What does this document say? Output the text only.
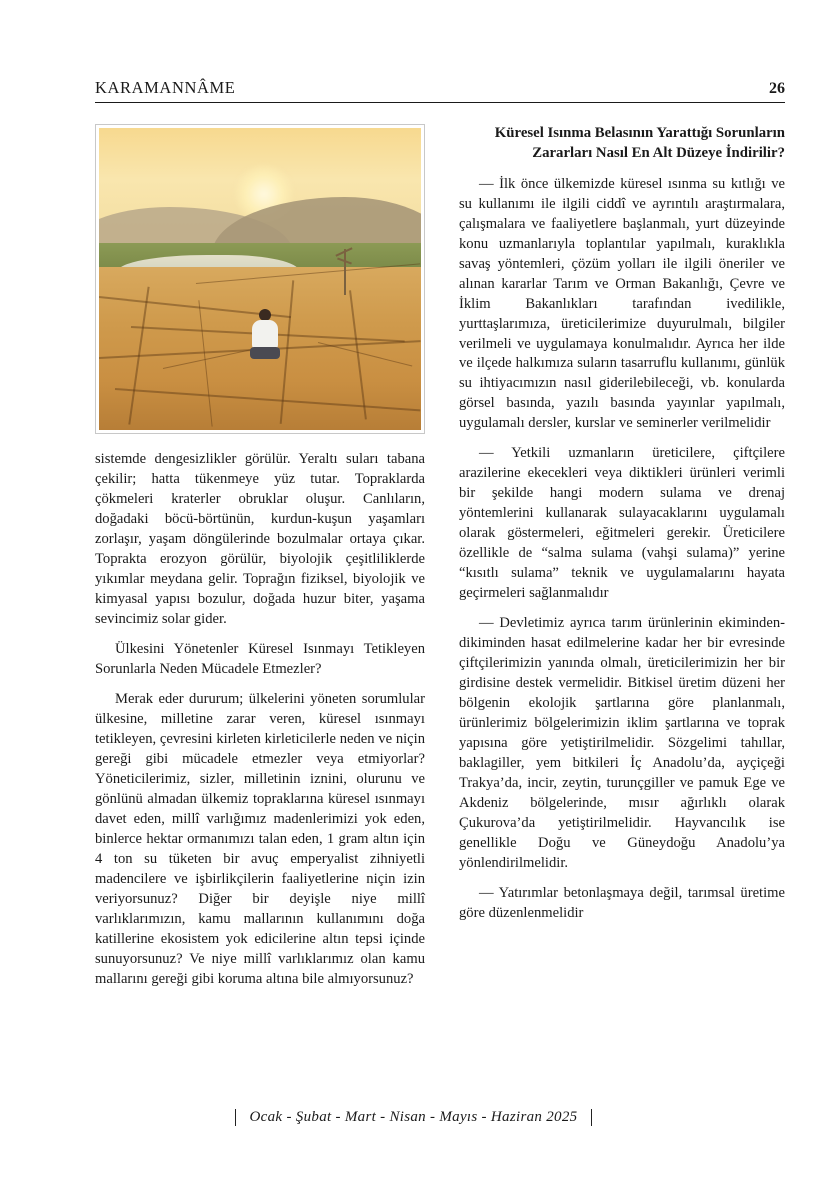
KARAMANNÂME	26

sistemde dengesizlikler görülür. Yeraltı suları tabana çekilir; hatta tükenmeye yüz tutar. Topraklarda çökmeleri kraterler obruklar oluşur. Canlıların, doğadaki böcü-börtünün, kurdun-kuşun yaşamları zorlaşır, yaşam döngülerinde bozulmalar ortaya çıkar. Toprakta erozyon görülür, biyolojik çeşitliliklerde yıkımlar meydana gelir. Toprağın fiziksel, biyolojik ve kimyasal yapısı bozulur, doğada huzur biter, yaşama sevincimiz solar gider.

Ülkesini Yönetenler Küresel Isınmayı Tetikleyen Sorunlarla Neden Mücadele Etmezler?

Merak eder dururum; ülkelerini yöneten sorumlular ülkesine, milletine zarar veren, küresel ısınmayı tetikleyen, çevresini kirleten kirleticilerle neden ve niçin gereği gibi mücadele etmezler veya etmiyorlar? Yöneticilerimiz, sizler, milletinin iznini, olurunu ve gönlünü almadan ülkemiz topraklarına küresel ısınmayı davet eden, millî varlığımız madenlerimizi yok eden, binlerce hektar ormanımızı talan eden, 1 gram altın için 4 ton su tüketen bir avuç emperyalist zihniyetli madencilere ve işbirlikçilerin faaliyetlerine niçin izin veriyorsunuz? Diğer bir deyişle niye millî varlıklarımızın, kamu mallarının kullanımını doğa katillerine ekosistem yok edicilerine altın tepsi içinde sunuyorsunuz? Ve niye millî varlıklarımız olan kamu mallarını gereği gibi koruma altına bile almıyorsunuz?

Küresel Isınma Belasının Yarattığı Sorunların Zararları Nasıl En Alt Düzeye İndirilir?

— İlk önce ülkemizde küresel ısınma su kıtlığı ve su kullanımı ile ilgili ciddî ve ayrıntılı araştırmalara, çalışmalara ve faaliyetlere başlanmalı, yurt düzeyinde konu uzmanlarıyla toplantılar yapılmalı, kuraklıkla savaş yöntemleri, çözüm yolları ile ilgili öneriler ve alınan kararlar Tarım ve Orman Bakanlığı, Çevre ve İklim Bakanlıkları tarafından ivedilikle, yurttaşlarımıza, üreticilerimize duyurulmalı, bilgiler verilmeli ve uygulamaya konulmalıdır. Ayrıca her ilde ve ilçede halkımıza suların tasarruflu kullanımı, günlük su ihtiyacımızın nasıl giderilebileceği, vb. konularda görsel basında, yazılı basında yayınlar yapılmalı, uygulamalı dersler, kurslar ve seminerler verilmelidir

— Yetkili uzmanların üreticilere, çiftçilere arazilerine ekecekleri veya diktikleri ürünleri verimli bir şekilde hangi modern sulama ve drenaj yöntemlerini kullanarak sulayacaklarını uygulamalı olarak göstermeleri, eğitmeleri gerekir. Üreticilere özellikle de “salma sulama (vahşi sulama)” yerine “kısıtlı sulama” teknik ve uygulamalarını hayata geçirmeleri sağlanmalıdır

— Devletimiz ayrıca tarım ürünlerinin ekiminden-dikiminden hasat edilmelerine kadar her bir evresinde çiftçilerimizin yanında olmalı, üreticilerimizin her bir girdisine destek vermelidir. Bitkisel üretim düzeni her bölgenin ekolojik şartlarına göre planlanmalı, ürünlerimiz bölgelerimizin iklim şartlarına ve toprak yapısına göre yetiştirilmelidir. Sözgelimi tahıllar, baklagiller, yem bitkileri İç Anadolu’da, ayçiçeği Trakya’da, incir, zeytin, turunçgiller ve pamuk Ege ve Akdeniz bölgelerinde, mısır ağırlıklı olarak Çukurova’da yetiştirilmelidir. Hayvancılık ise genellikle Doğu ve Güneydoğu Anadolu’ya yönlendirilmelidir.

— Yatırımlar betonlaşmaya değil, tarımsal üretime göre düzenlenmelidir

Ocak - Şubat - Mart - Nisan - Mayıs - Haziran 2025
